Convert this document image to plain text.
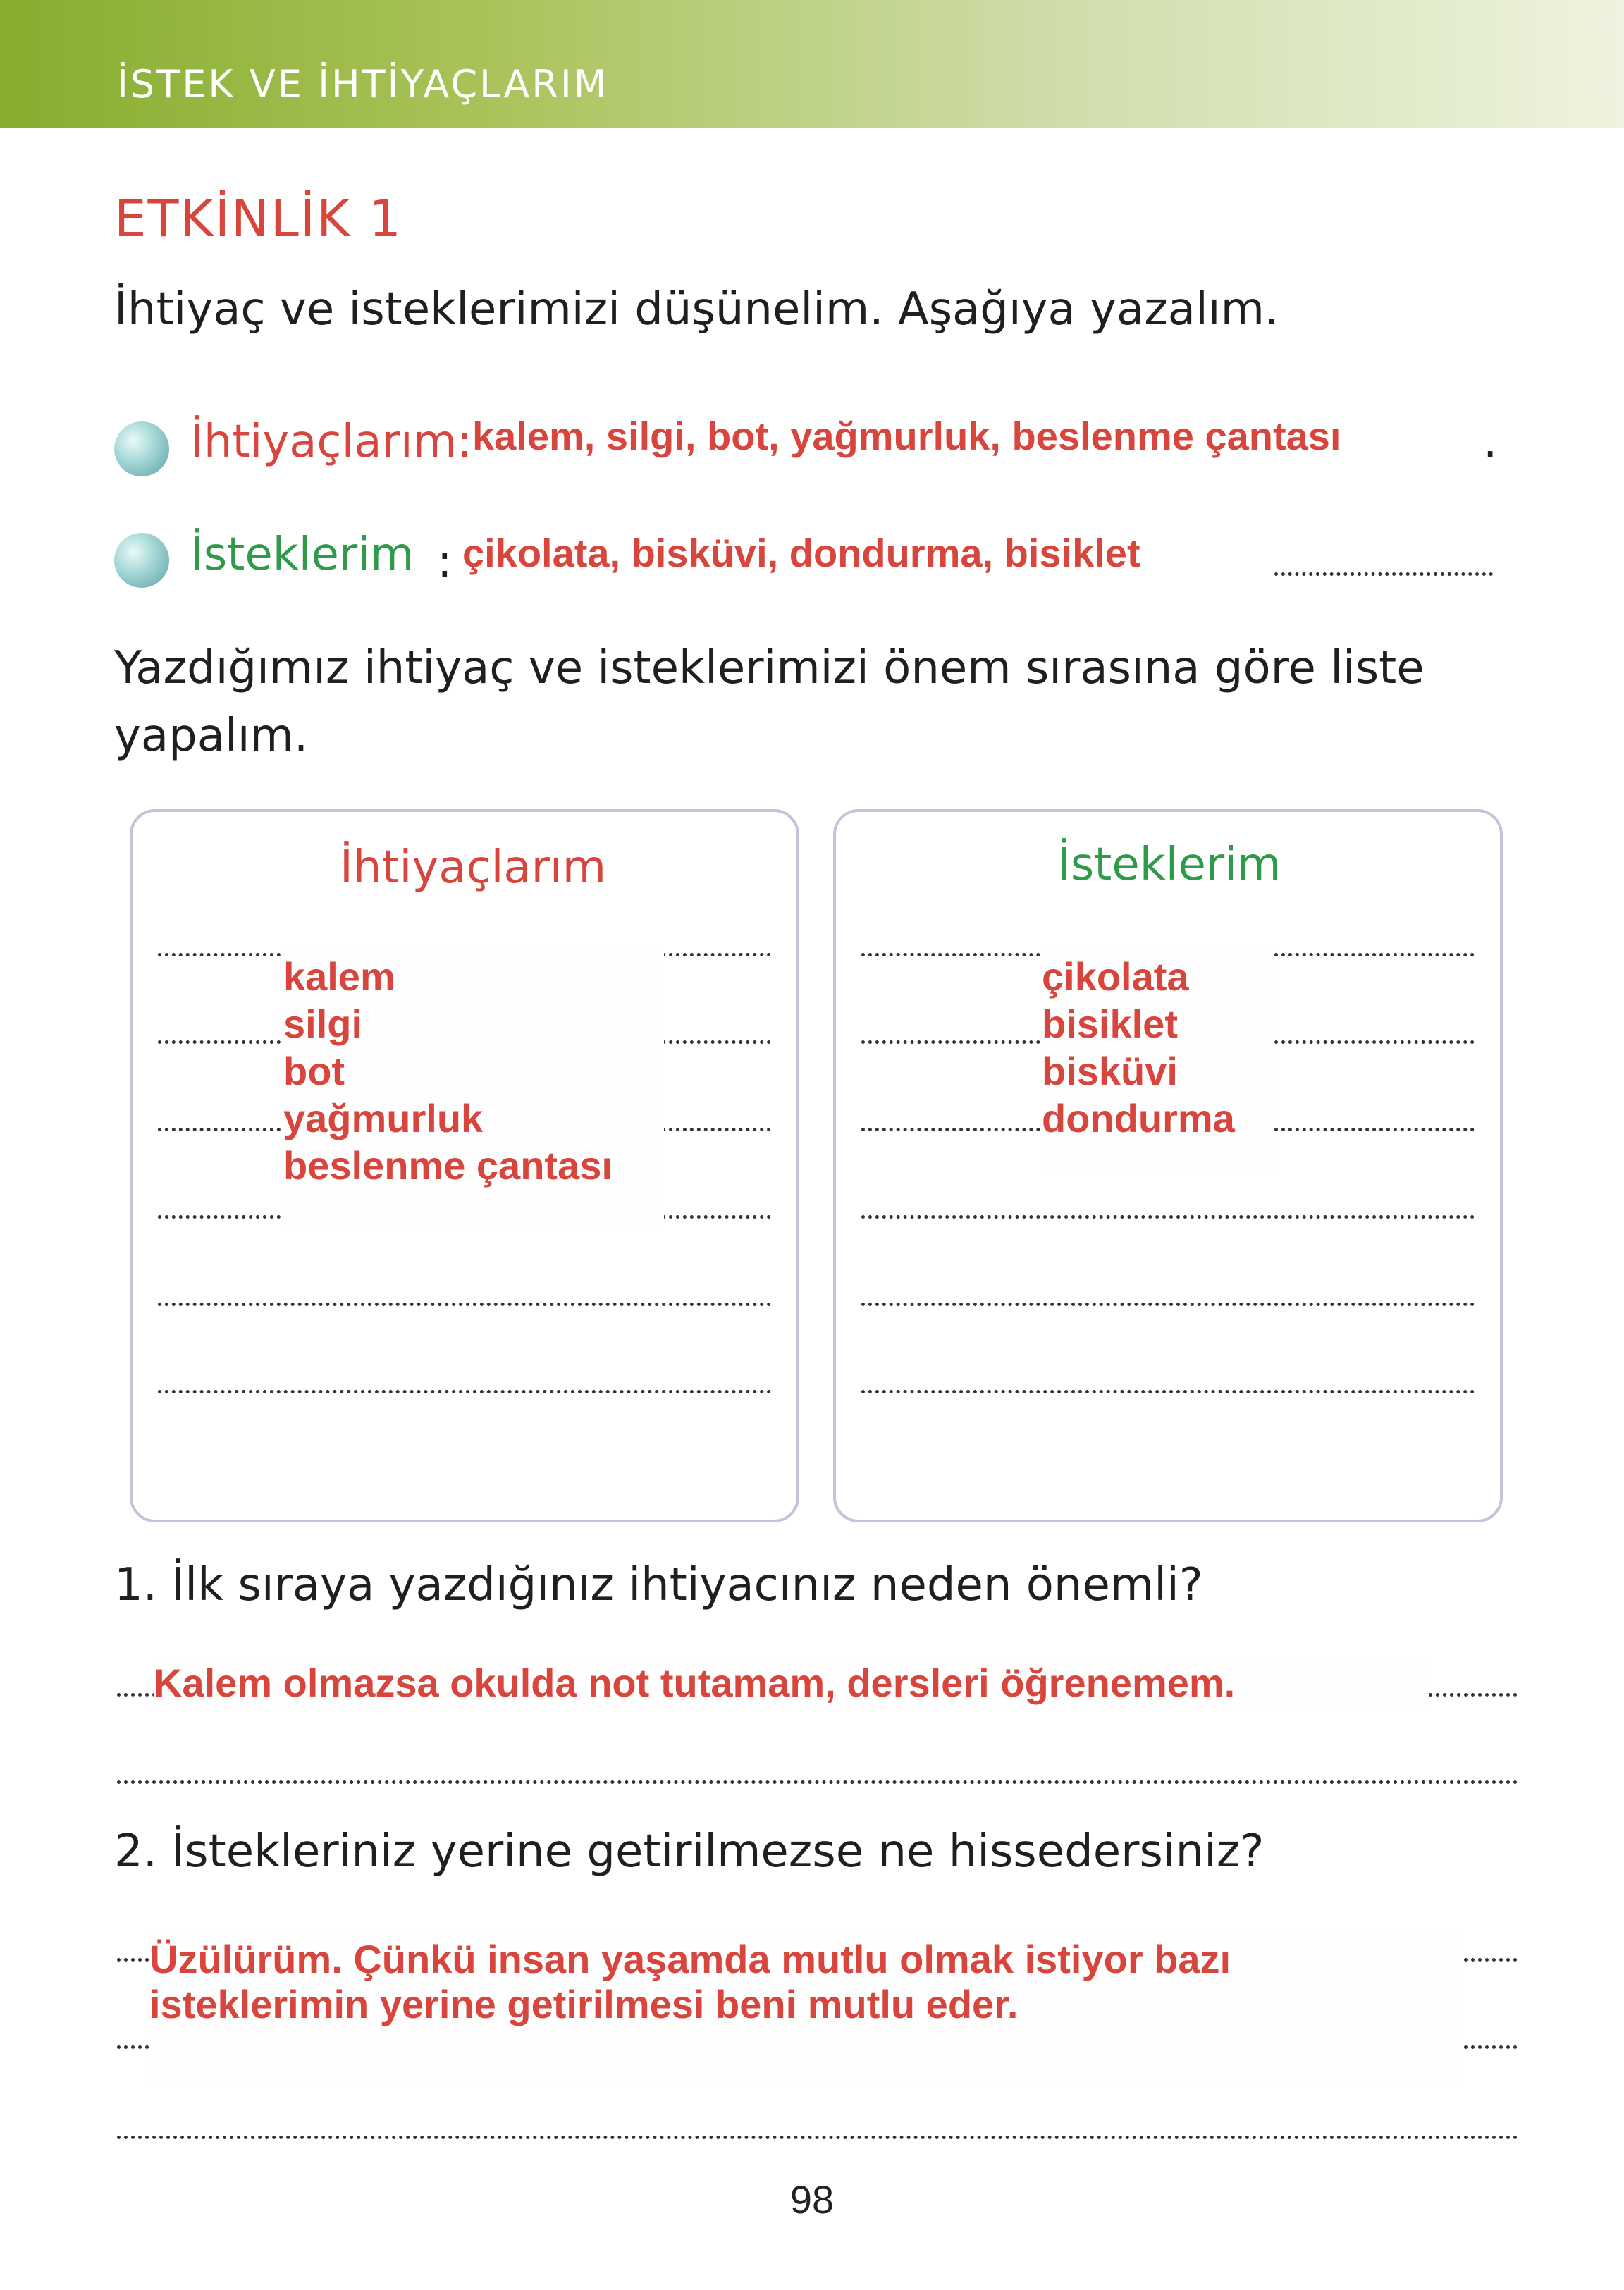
İSTEK VE İHTİYAÇLARIM
ETKİNLİK 1
İhtiyaç ve isteklerimizi düşünelim. Aşağıya yazalım.
İhtiyaçlarım: kalem, silgi, bot, yağmurluk, beslenme çantası	.
İsteklerim : çikolata, bisküvi, dondurma, bisiklet
Yazdığımız ihtiyaç ve isteklerimizi önem sırasına göre liste yapalım.
İhtiyaçlarım
kalem
silgi
bot
yağmurluk
beslenme çantası
İsteklerim
çikolata
bisiklet
bisküvi
dondurma
1. İlk sıraya yazdığınız ihtiyacınız neden önemli?
Kalem olmazsa okulda not tutamam, dersleri öğrenemem.
2. İstekleriniz yerine getirilmezse ne hissedersiniz?
Üzülürüm. Çünkü insan yaşamda mutlu olmak istiyor bazı
isteklerimin yerine getirilmesi beni mutlu eder.
98
